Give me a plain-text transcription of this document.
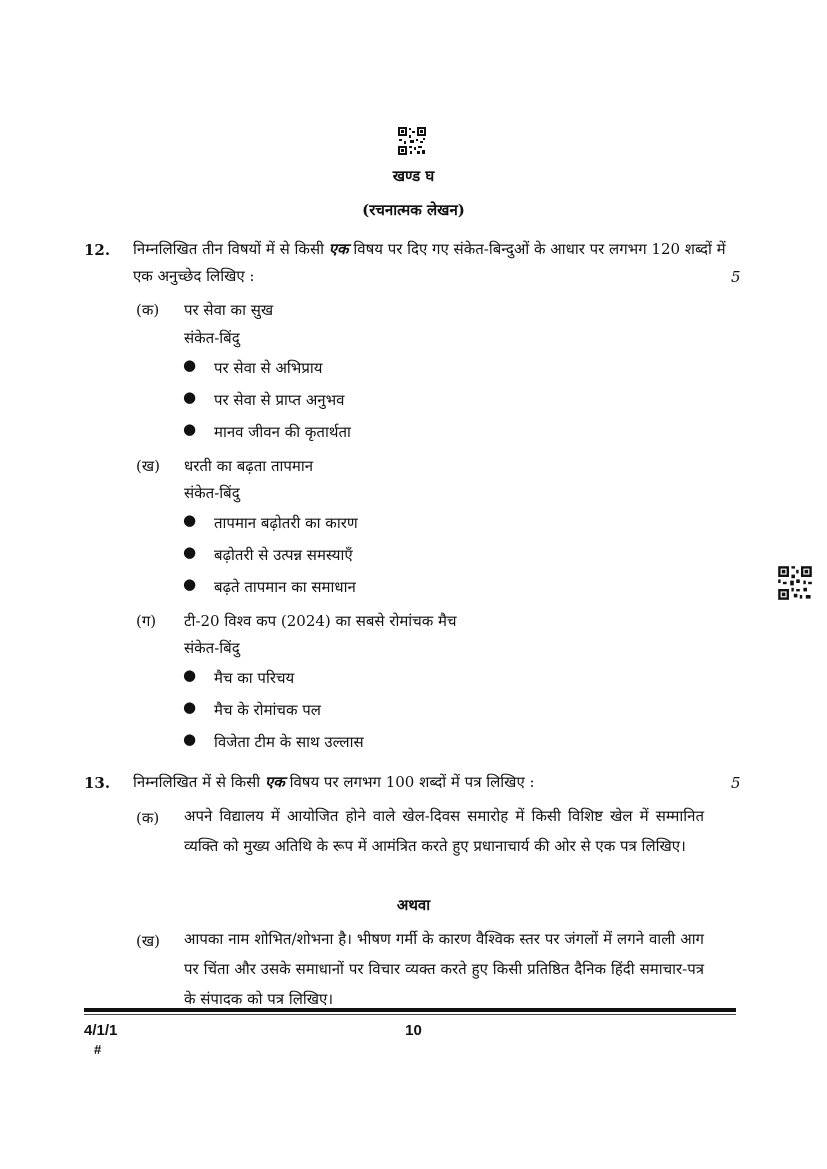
खण्ड घ
(रचनात्मक लेखन)
12. निम्नलिखित तीन विषयों में से किसी एक विषय पर दिए गए संकेत-बिन्दुओं के आधार पर लगभग 120 शब्दों में एक अनुच्छेद लिखिए :	5
(क) पर सेवा का सुख
संकेत-बिंदु
● पर सेवा से अभिप्राय
● पर सेवा से प्राप्त अनुभव
● मानव जीवन की कृतार्थता
(ख) धरती का बढ़ता तापमान
संकेत-बिंदु
● तापमान बढ़ोतरी का कारण
● बढ़ोतरी से उत्पन्न समस्याएँ
● बढ़ते तापमान का समाधान
(ग) टी-20 विश्व कप (2024) का सबसे रोमांचक मैच
संकेत-बिंदु
● मैच का परिचय
● मैच के रोमांचक पल
● विजेता टीम के साथ उल्लास
13. निम्नलिखित में से किसी एक विषय पर लगभग 100 शब्दों में पत्र लिखिए :	5
(क) अपने विद्यालय में आयोजित होने वाले खेल-दिवस समारोह में किसी विशिष्ट खेल में सम्मानित व्यक्ति को मुख्य अतिथि के रूप में आमंत्रित करते हुए प्रधानाचार्य की ओर से एक पत्र लिखिए।
अथवा
(ख) आपका नाम शोभित/शोभना है। भीषण गर्मी के कारण वैश्विक स्तर पर जंगलों में लगने वाली आग पर चिंता और उसके समाधानों पर विचार व्यक्त करते हुए किसी प्रतिष्ठित दैनिक हिंदी समाचार-पत्र के संपादक को पत्र लिखिए।
4/1/1
#
10
